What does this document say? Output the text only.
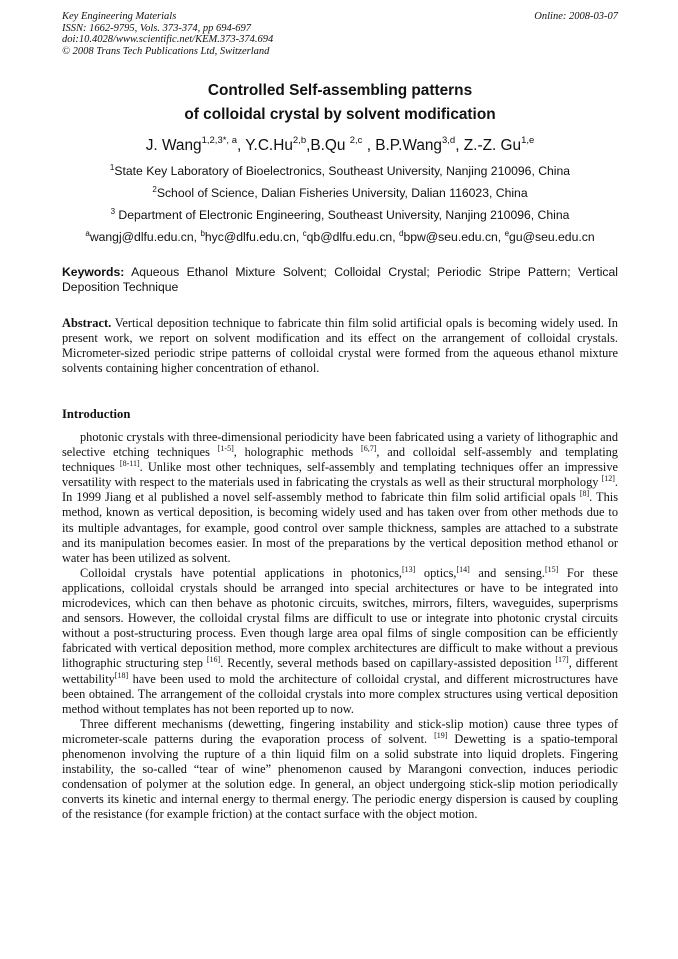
Key Engineering Materials
ISSN: 1662-9795, Vols. 373-374, pp 694-697
doi:10.4028/www.scientific.net/KEM.373-374.694
© 2008 Trans Tech Publications Ltd, Switzerland
Online: 2008-03-07
Controlled Self-assembling patterns
of colloidal crystal by solvent modification
J. Wang$^{1,2,3*, a}$, Y.C.Hu$^{2,b}$,B.Qu $^{2,c}$ , B.P.Wang$^{3,d}$, Z.-Z. Gu$^{1,e}$
$^1$State Key Laboratory of Bioelectronics, Southeast University, Nanjing 210096, China
$^2$School of Science, Dalian Fisheries University, Dalian 116023, China
$^3$ Department of Electronic Engineering, Southeast University, Nanjing 210096, China
$^a$wangj@dlfu.edu.cn, $^b$hyc@dlfu.edu.cn, $^c$qb@dlfu.edu.cn, $^d$bpw@seu.edu.cn, $^e$gu@seu.edu.cn
Keywords: Aqueous Ethanol Mixture Solvent; Colloidal Crystal; Periodic Stripe Pattern; Vertical Deposition Technique
Abstract. Vertical deposition technique to fabricate thin film solid artificial opals is becoming widely used. In present work, we report on solvent modification and its effect on the arrangement of colloidal crystals. Micrometer-sized periodic stripe patterns of colloidal crystal were formed from the aqueous ethanol mixture solvents containing higher concentration of ethanol.
Introduction

photonic crystals with three-dimensional periodicity have been fabricated using a variety of lithographic and selective etching techniques [1-5], holographic methods [6,7], and colloidal self-assembly and templating techniques [8-11]. Unlike most other techniques, self-assembly and templating techniques offer an impressive versatility with respect to the materials used in fabricating the crystals as well as their structural morphology [12]. In 1999 Jiang et al published a novel self-assembly method to fabricate thin film solid artificial opals [8]. This method, known as vertical deposition, is becoming widely used and has taken over from other methods due to its multiple advantages, for example, good control over sample thickness, samples are attached to a substrate and its manipulation becomes easier. In most of the preparations by the vertical deposition method ethanol or water has been utilized as solvent.

Colloidal crystals have potential applications in photonics,[13] optics,[14] and sensing.[15] For these applications, colloidal crystals should be arranged into special architectures or have to be integrated into microdevices, which can then behave as photonic circuits, switches, mirrors, filters, waveguides, superprisms and sensors. However, the colloidal crystal films are difficult to use or integrate into photonic crystal circuits without a post-structuring process. Even though large area opal films of single composition can be efficiently fabricated with vertical deposition method, more complex architectures are difficult to make without a previous lithographic structuring step [16]. Recently, several methods based on capillary-assisted deposition [17], different wettability[18] have been used to mold the architecture of colloidal crystal, and different microstructures have been obtained. The arrangement of the colloidal crystals into more complex structures using vertical deposition method without templates has not been reported up to now.

Three different mechanisms (dewetting, fingering instability and stick-slip motion) cause three types of micrometer-scale patterns during the evaporation process of solvent. [19] Dewetting is a spatio-temporal phenomenon involving the rupture of a thin liquid film on a solid substrate into liquid droplets. Fingering instability, the so-called “tear of wine” phenomenon caused by Marangoni convection, induces periodic condensation of polymer at the solution edge. In general, an object undergoing stick-slip motion periodically converts its kinetic and internal energy to thermal energy. The periodic energy dispersion is caused by coupling of the resistance (for example friction) at the contact surface with the object motion.
